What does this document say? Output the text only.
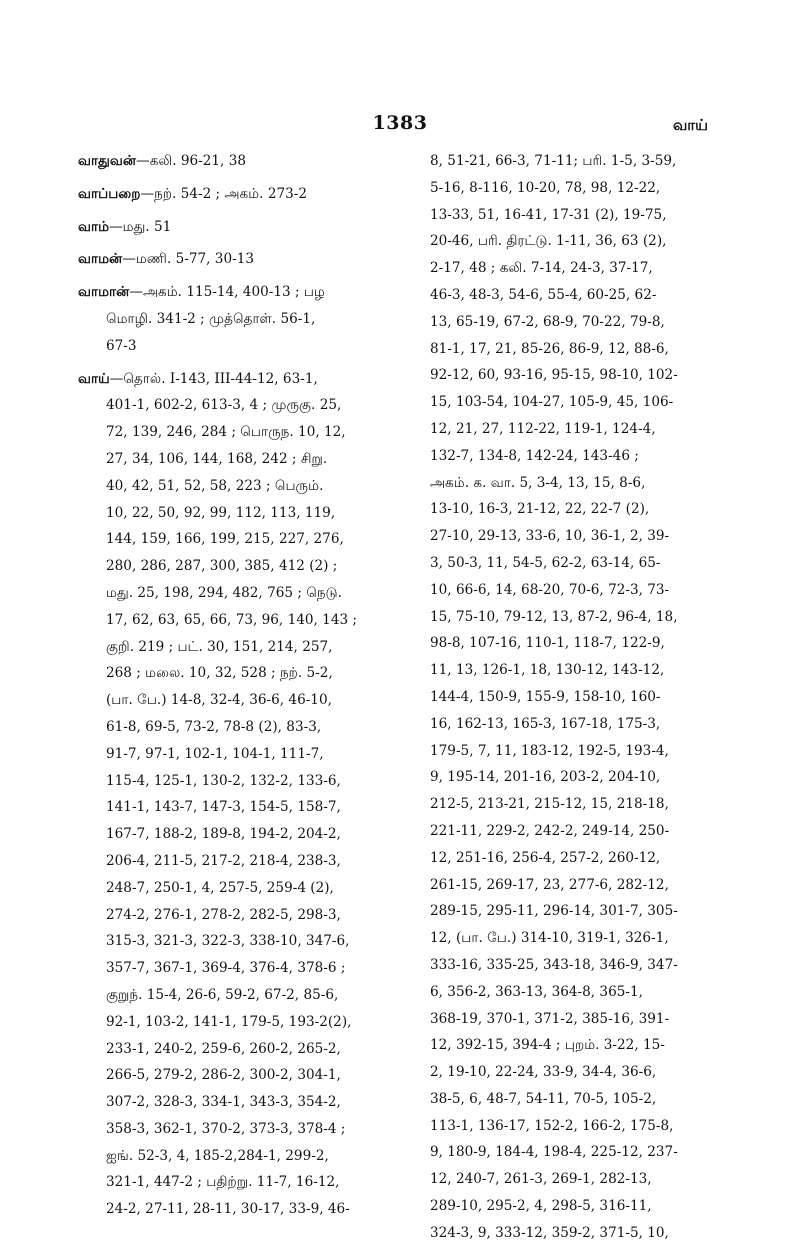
1383	வாய்
வாதுவன்—கலி. 96-21, 38
வாப்பறை—நற். 54-2 ; அகம். 273-2
வாம்—மது. 51
வாமன்—மணி. 5-77, 30-13
வாமான்—அகம். 115-14, 400-13 ; பழ
மொழி. 341-2 ; முத்தொள். 56-1,
67-3
வாய்—தொல். I-143, III-44-12, 63-1,
401-1, 602-2, 613-3, 4 ; முருகு. 25,
72, 139, 246, 284 ; பொருந. 10, 12,
27, 34, 106, 144, 168, 242 ; சிறு.
40, 42, 51, 52, 58, 223 ; பெரும்.
10, 22, 50, 92, 99, 112, 113, 119,
144, 159, 166, 199, 215, 227, 276,
280, 286, 287, 300, 385, 412 (2) ;
மது. 25, 198, 294, 482, 765 ; நெடு.
17, 62, 63, 65, 66, 73, 96, 140, 143 ;
குறி. 219 ; பட். 30, 151, 214, 257,
268 ; மலை. 10, 32, 528 ; நற். 5-2,
(பா. பே.) 14-8, 32-4, 36-6, 46-10,
61-8, 69-5, 73-2, 78-8 (2), 83-3,
91-7, 97-1, 102-1, 104-1, 111-7,
115-4, 125-1, 130-2, 132-2, 133-6,
141-1, 143-7, 147-3, 154-5, 158-7,
167-7, 188-2, 189-8, 194-2, 204-2,
206-4, 211-5, 217-2, 218-4, 238-3,
248-7, 250-1, 4, 257-5, 259-4 (2),
274-2, 276-1, 278-2, 282-5, 298-3,
315-3, 321-3, 322-3, 338-10, 347-6,
357-7, 367-1, 369-4, 376-4, 378-6 ;
குறுந். 15-4, 26-6, 59-2, 67-2, 85-6,
92-1, 103-2, 141-1, 179-5, 193-2(2),
233-1, 240-2, 259-6, 260-2, 265-2,
266-5, 279-2, 286-2, 300-2, 304-1,
307-2, 328-3, 334-1, 343-3, 354-2,
358-3, 362-1, 370-2, 373-3, 378-4 ;
ஐங். 52-3, 4, 185-2,284-1, 299-2,
321-1, 447-2 ; பதிற்று. 11-7, 16-12,
24-2, 27-11, 28-11, 30-17, 33-9, 46-
8, 51-21, 66-3, 71-11; பரி. 1-5, 3-59,
5-16, 8-116, 10-20, 78, 98, 12-22,
13-33, 51, 16-41, 17-31 (2), 19-75,
20-46, பரி. திரட்டு. 1-11, 36, 63 (2),
2-17, 48 ; கலி. 7-14, 24-3, 37-17,
46-3, 48-3, 54-6, 55-4, 60-25, 62-
13, 65-19, 67-2, 68-9, 70-22, 79-8,
81-1, 17, 21, 85-26, 86-9, 12, 88-6,
92-12, 60, 93-16, 95-15, 98-10, 102-
15, 103-54, 104-27, 105-9, 45, 106-
12, 21, 27, 112-22, 119-1, 124-4,
132-7, 134-8, 142-24, 143-46 ;
அகம். க. வா. 5, 3-4, 13, 15, 8-6,
13-10, 16-3, 21-12, 22, 22-7 (2),
27-10, 29-13, 33-6, 10, 36-1, 2, 39-
3, 50-3, 11, 54-5, 62-2, 63-14, 65-
10, 66-6, 14, 68-20, 70-6, 72-3, 73-
15, 75-10, 79-12, 13, 87-2, 96-4, 18,
98-8, 107-16, 110-1, 118-7, 122-9,
11, 13, 126-1, 18, 130-12, 143-12,
144-4, 150-9, 155-9, 158-10, 160-
16, 162-13, 165-3, 167-18, 175-3,
179-5, 7, 11, 183-12, 192-5, 193-4,
9, 195-14, 201-16, 203-2, 204-10,
212-5, 213-21, 215-12, 15, 218-18,
221-11, 229-2, 242-2, 249-14, 250-
12, 251-16, 256-4, 257-2, 260-12,
261-15, 269-17, 23, 277-6, 282-12,
289-15, 295-11, 296-14, 301-7, 305-
12, (பா. பே.) 314-10, 319-1, 326-1,
333-16, 335-25, 343-18, 346-9, 347-
6, 356-2, 363-13, 364-8, 365-1,
368-19, 370-1, 371-2, 385-16, 391-
12, 392-15, 394-4 ; புறம். 3-22, 15-
2, 19-10, 22-24, 33-9, 34-4, 36-6,
38-5, 6, 48-7, 54-11, 70-5, 105-2,
113-1, 136-17, 152-2, 166-2, 175-8,
9, 180-9, 184-4, 198-4, 225-12, 237-
12, 240-7, 261-3, 269-1, 282-13,
289-10, 295-2, 4, 298-5, 316-11,
324-3, 9, 333-12, 359-2, 371-5, 10,
